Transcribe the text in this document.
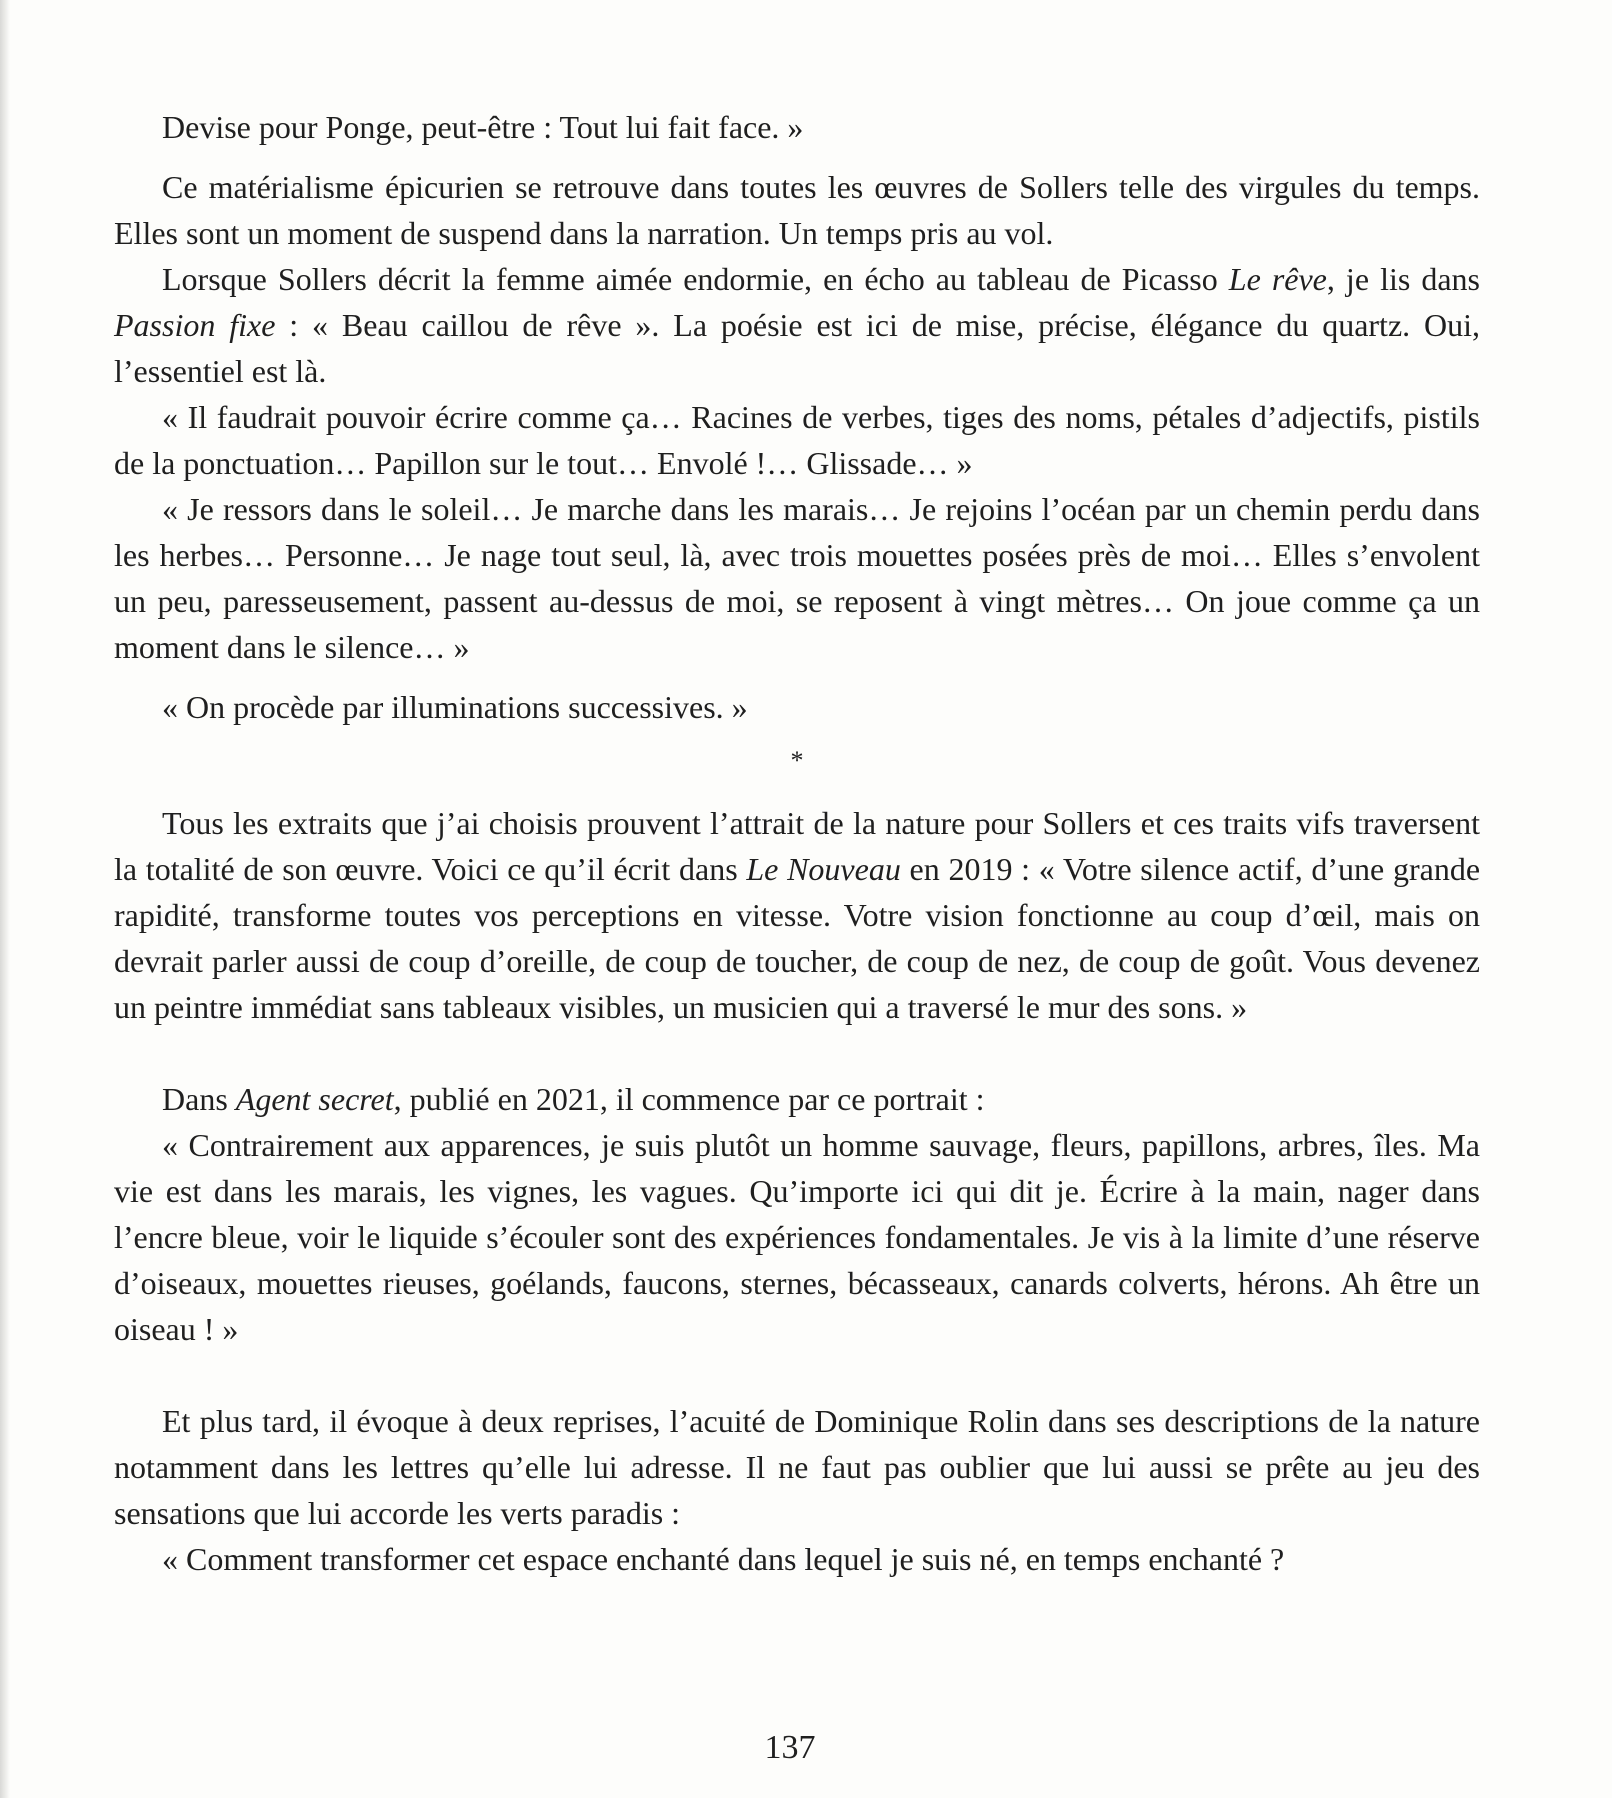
Devise pour Ponge, peut-être : Tout lui fait face. »

Ce matérialisme épicurien se retrouve dans toutes les œuvres de Sollers telle des virgules du temps. Elles sont un moment de suspend dans la narration. Un temps pris au vol.

Lorsque Sollers décrit la femme aimée endormie, en écho au tableau de Picasso Le rêve, je lis dans Passion fixe : « Beau caillou de rêve ». La poésie est ici de mise, précise, élégance du quartz. Oui, l’essentiel est là.

« Il faudrait pouvoir écrire comme ça… Racines de verbes, tiges des noms, pétales d’adjectifs, pistils de la ponctuation… Papillon sur le tout… Envolé !… Glissade… »

« Je ressors dans le soleil… Je marche dans les marais… Je rejoins l’océan par un chemin perdu dans les herbes… Personne… Je nage tout seul, là, avec trois mouettes posées près de moi… Elles s’envolent un peu, paresseusement, passent au-dessus de moi, se reposent à vingt mètres… On joue comme ça un moment dans le silence… »

« On procède par illuminations successives. »

*

Tous les extraits que j’ai choisis prouvent l’attrait de la nature pour Sollers et ces traits vifs traversent la totalité de son œuvre. Voici ce qu’il écrit dans Le Nouveau en 2019 : « Votre silence actif, d’une grande rapidité, transforme toutes vos perceptions en vitesse. Votre vision fonctionne au coup d’œil, mais on devrait parler aussi de coup d’oreille, de coup de toucher, de coup de nez, de coup de goût. Vous devenez un peintre immédiat sans tableaux visibles, un musicien qui a traversé le mur des sons. »

Dans Agent secret, publié en 2021, il commence par ce portrait :

« Contrairement aux apparences, je suis plutôt un homme sauvage, fleurs, papillons, arbres, îles. Ma vie est dans les marais, les vignes, les vagues. Qu’importe ici qui dit je. Écrire à la main, nager dans l’encre bleue, voir le liquide s’écouler sont des expériences fondamentales. Je vis à la limite d’une réserve d’oiseaux, mouettes rieuses, goélands, faucons, sternes, bécasseaux, canards colverts, hérons. Ah être un oiseau ! »

Et plus tard, il évoque à deux reprises, l’acuité de Dominique Rolin dans ses descriptions de la nature notamment dans les lettres qu’elle lui adresse. Il ne faut pas oublier que lui aussi se prête au jeu des sensations que lui accorde les verts paradis :

« Comment transformer cet espace enchanté dans lequel je suis né, en temps enchanté ?

137
